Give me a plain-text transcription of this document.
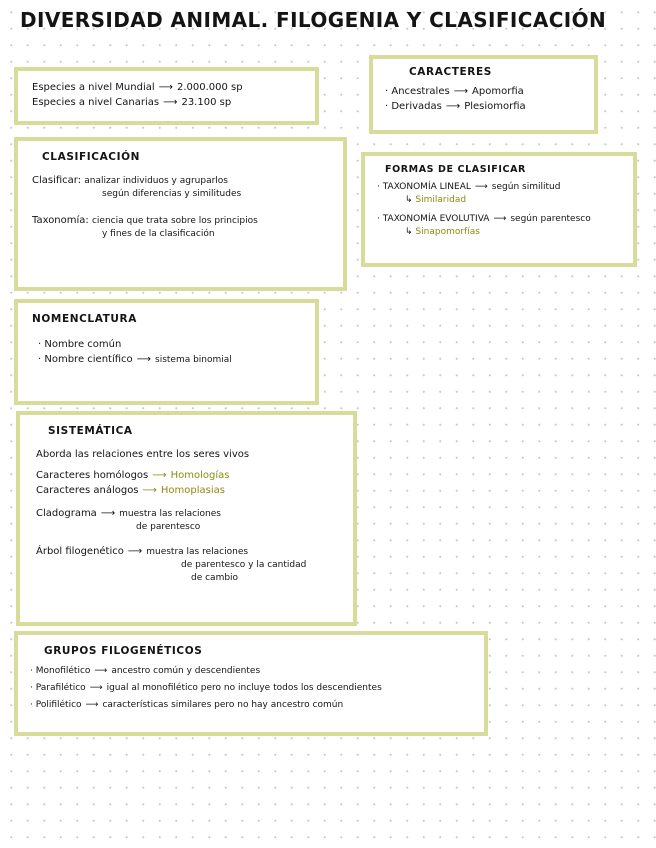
DIVERSIDAD ANIMAL. FILOGENIA Y CLASIFICACIÓN
Especies a nivel Mundial ⟶ 2.000.000 sp
Especies a nivel Canarias ⟶ 23.100 sp
CARACTERES
· Ancestrales ⟶ Apomorfia
· Derivadas ⟶ Plesiomorfia
CLASIFICACIÓN
Clasificar: analizar individuos y agruparlos
según diferencias y similitudes
Taxonomía: ciencia que trata sobre los principios
y fines de la clasificación
FORMAS DE CLASIFICAR
· TAXONOMÍA LINEAL ⟶ según similitud
↳ Similaridad
· TAXONOMÍA EVOLUTIVA ⟶ según parentesco
↳ Sinapomorfías
NOMENCLATURA
· Nombre común
· Nombre científico ⟶ sistema binomial
SISTEMÁTICA
Aborda las relaciones entre los seres vivos
Caracteres homólogos ⟶ Homologías
Caracteres análogos ⟶ Homoplasias
Cladograma ⟶ muestra las relaciones
de parentesco
Árbol filogenético ⟶ muestra las relaciones
de parentesco y la cantidad
de cambio
GRUPOS FILOGENÉTICOS
· Monofilético ⟶ ancestro común y descendientes
· Parafilético ⟶ igual al monofilético pero no incluye todos los descendientes
· Polifilético ⟶ características similares pero no hay ancestro común
